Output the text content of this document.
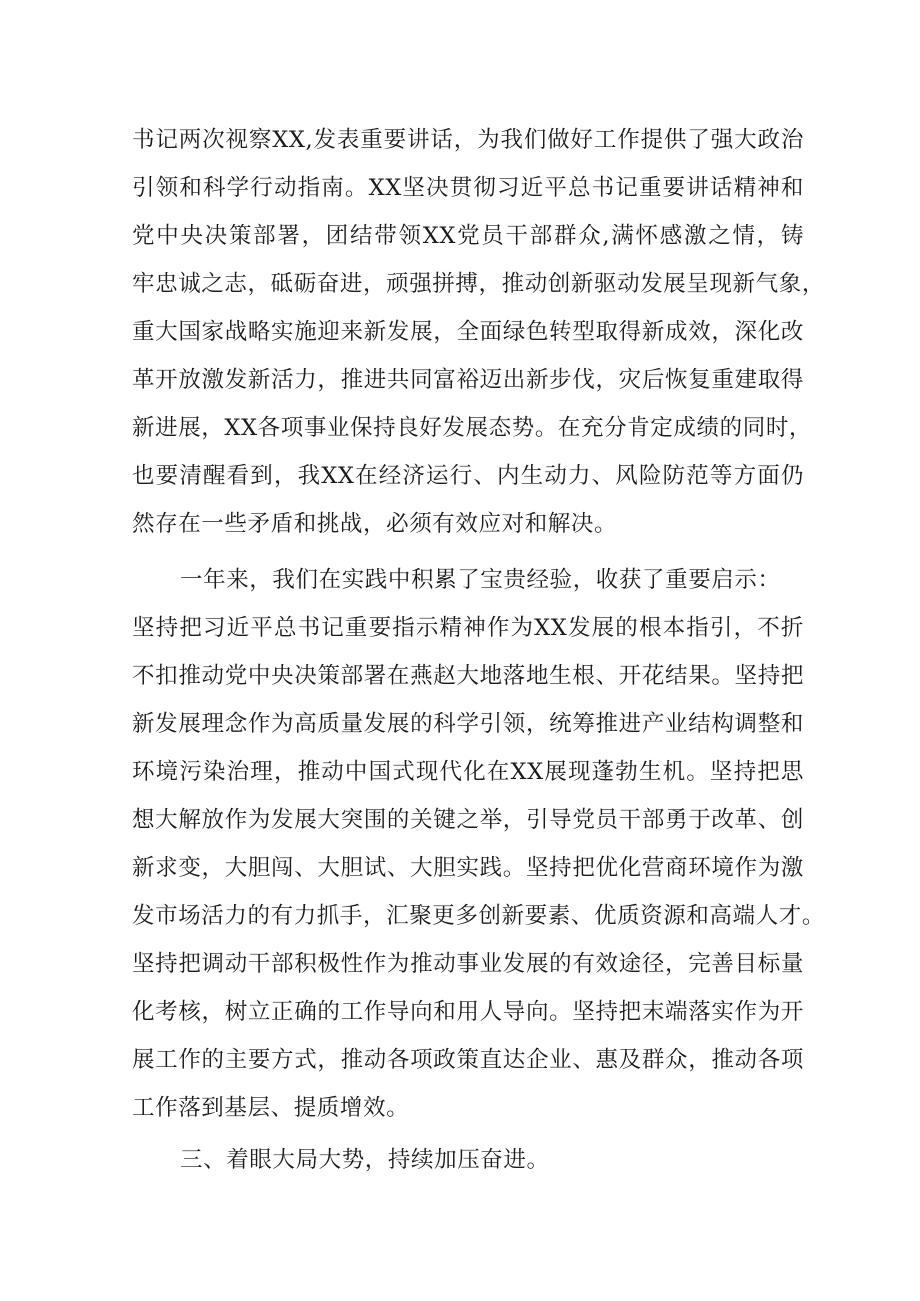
书记两次视察XX,发表重要讲话，为我们做好工作提供了强大政治
引领和科学行动指南。XX坚决贯彻习近平总书记重要讲话精神和
党中央决策部署，团结带领XX党员干部群众,满怀感激之情，铸
牢忠诚之志，砥砺奋进，顽强拼搏，推动创新驱动发展呈现新气象，
重大国家战略实施迎来新发展，全面绿色转型取得新成效，深化改
革开放激发新活力，推进共同富裕迈出新步伐，灾后恢复重建取得
新进展，XX各项事业保持良好发展态势。在充分肯定成绩的同时，
也要清醒看到，我XX在经济运行、内生动力、风险防范等方面仍
然存在一些矛盾和挑战，必须有效应对和解决。
一年来，我们在实践中积累了宝贵经验，收获了重要启示：
坚持把习近平总书记重要指示精神作为XX发展的根本指引，不折
不扣推动党中央决策部署在燕赵大地落地生根、开花结果。坚持把
新发展理念作为高质量发展的科学引领，统筹推进产业结构调整和
环境污染治理，推动中国式现代化在XX展现蓬勃生机。坚持把思
想大解放作为发展大突围的关键之举，引导党员干部勇于改革、创
新求变，大胆闯、大胆试、大胆实践。坚持把优化营商环境作为激
发市场活力的有力抓手，汇聚更多创新要素、优质资源和高端人才。
坚持把调动干部积极性作为推动事业发展的有效途径，完善目标量
化考核，树立正确的工作导向和用人导向。坚持把末端落实作为开
展工作的主要方式，推动各项政策直达企业、惠及群众，推动各项
工作落到基层、提质增效。
三、着眼大局大势，持续加压奋进。
